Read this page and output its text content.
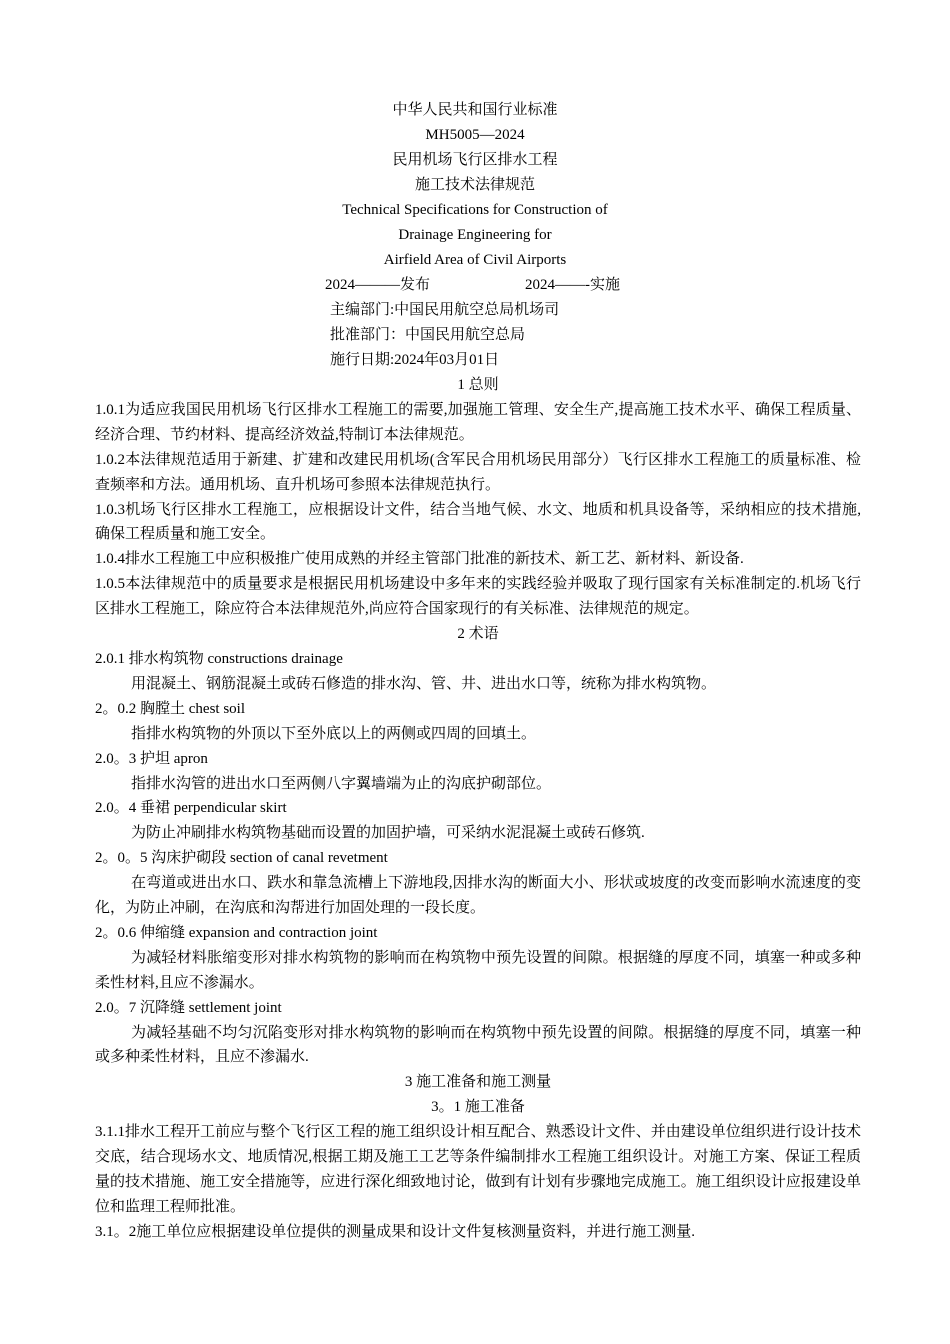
中华人民共和国行业标准
MH5005—2024
民用机场飞行区排水工程
施工技术法律规范
Technical Specifications for Construction of
Drainage Engineering for
Airfield Area of Civil Airports
2024———发布	2024——-实施
主编部门:中国民用航空总局机场司
批准部门：中国民用航空总局
施行日期:2024年03月01日

1 总则

1.0.1为适应我国民用机场飞行区排水工程施工的需要,加强施工管理、安全生产,提高施工技术水平、确保工程质量、经济合理、节约材料、提高经济效益,特制订本法律规范。

1.0.2本法律规范适用于新建、扩建和改建民用机场(含军民合用机场民用部分）飞行区排水工程施工的质量标准、检查频率和方法。通用机场、直升机场可参照本法律规范执行。

1.0.3机场飞行区排水工程施工，应根据设计文件，结合当地气候、水文、地质和机具设备等，采纳相应的技术措施,确保工程质量和施工安全。

1.0.4排水工程施工中应积极推广使用成熟的并经主管部门批准的新技术、新工艺、新材料、新设备.

1.0.5本法律规范中的质量要求是根据民用机场建设中多年来的实践经验并吸取了现行国家有关标准制定的.机场飞行区排水工程施工，除应符合本法律规范外,尚应符合国家现行的有关标准、法律规范的规定。

2 术语

2.0.1 排水构筑物 constructions drainage

用混凝土、钢筋混凝土或砖石修造的排水沟、管、井、进出水口等，统称为排水构筑物。

2。0.2 胸膛土 chest soil

指排水构筑物的外顶以下至外底以上的两侧或四周的回填土。

2.0。3 护坦 apron

指排水沟管的进出水口至两侧八字翼墙端为止的沟底护砌部位。

2.0。4 垂裙 perpendicular skirt

为防止冲刷排水构筑物基础而设置的加固护墙，可采纳水泥混凝土或砖石修筑.

2。0。5 沟床护砌段 section of canal revetment

在弯道或进出水口、跌水和靠急流槽上下游地段,因排水沟的断面大小、形状或坡度的改变而影响水流速度的变化，为防止冲刷，在沟底和沟帮进行加固处理的一段长度。

2。0.6 伸缩缝 expansion and contraction joint

为减轻材料胀缩变形对排水构筑物的影响而在构筑物中预先设置的间隙。根据缝的厚度不同，填塞一种或多种柔性材料,且应不渗漏水。

2.0。7 沉降缝 settlement joint

为减轻基础不均匀沉陷变形对排水构筑物的影响而在构筑物中预先设置的间隙。根据缝的厚度不同，填塞一种或多种柔性材料，且应不渗漏水.

3 施工准备和施工测量

3。1 施工准备

3.1.1排水工程开工前应与整个飞行区工程的施工组织设计相互配合、熟悉设计文件、并由建设单位组织进行设计技术交底，结合现场水文、地质情况,根据工期及施工工艺等条件编制排水工程施工组织设计。对施工方案、保证工程质量的技术措施、施工安全措施等，应进行深化细致地讨论，做到有计划有步骤地完成施工。施工组织设计应报建设单位和监理工程师批准。

3.1。2施工单位应根据建设单位提供的测量成果和设计文件复核测量资料，并进行施工测量.
